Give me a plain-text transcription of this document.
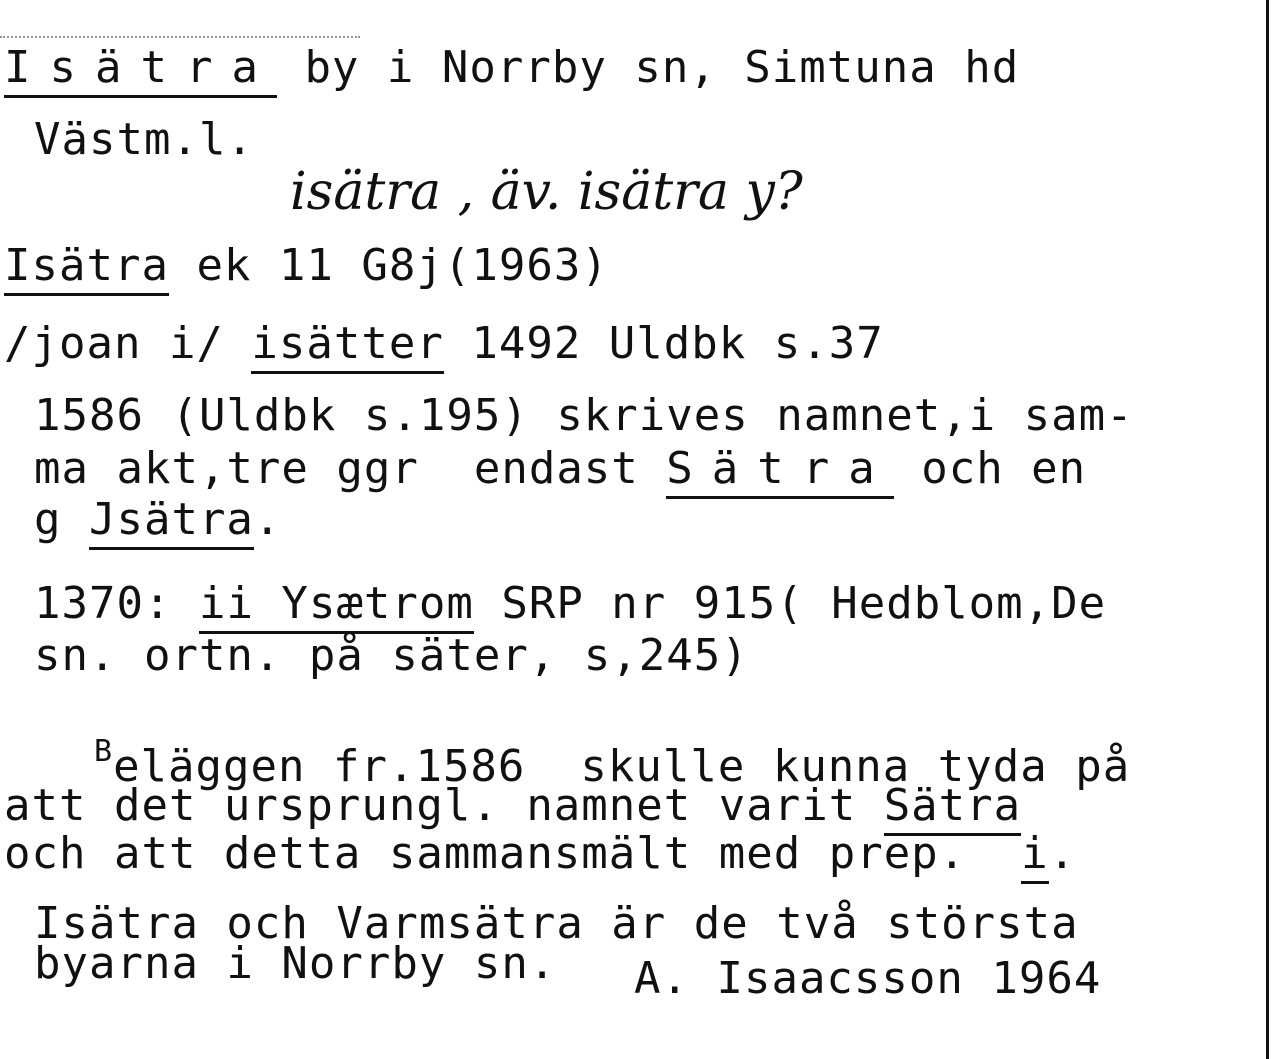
Isätra by i Norrby sn, Simtuna hd
Västm.l.
isätra , äv. isätra y?
Isätra ek 11 G8j(1963)
/joan i/ isätter 1492 Uldbk s.37
1586 (Uldbk s.195) skrives namnet,i sam-
ma akt,tre ggr  endast Sätra och en
g Jsätra.
1370: ii Ysætrom SRP nr 915( Hedblom,De
sn. ortn. på säter, s,245)
$^B$eläggen fr.1586  skulle kunna tyda på
att det ursprungl. namnet varit Sätra
och att detta sammansmält med prep.  i.
Isätra och Varmsätra är de två största
byarna i Norrby sn. A. Isaacsson 1964
